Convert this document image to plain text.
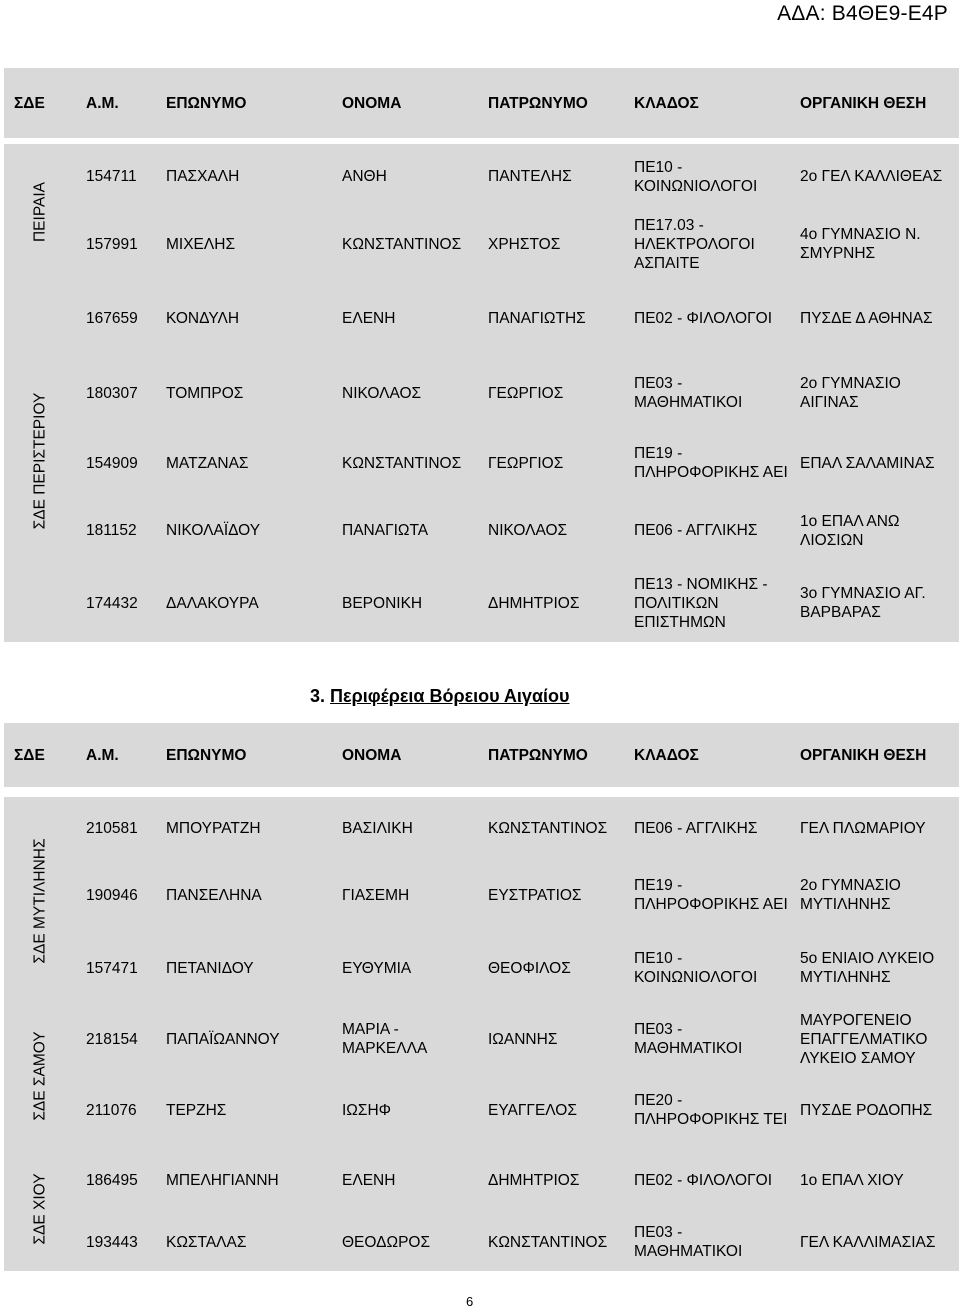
ΑΔΑ: Β4ΘΕ9-Ε4Ρ
ΣΔΕ	Α.Μ.	ΕΠΩΝΥΜΟ	ΟΝΟΜΑ	ΠΑΤΡΩΝΥΜΟ	ΚΛΑΔΟΣ	ΟΡΓΑΝΙΚΗ ΘΕΣΗ

ΠΕΙΡΑΙΑ	154711	ΠΑΣΧΑΛΗ	ΑΝΘΗ	ΠΑΝΤΕΛΗΣ	ΠΕ10 - ΚΟΙΝΩΝΙΟΛΟΓΟΙ	2ο ΓΕΛ ΚΑΛΛΙΘΕΑΣ
	157991	ΜΙΧΕΛΗΣ	ΚΩΝΣΤΑΝΤΙΝΟΣ	ΧΡΗΣΤΟΣ	ΠΕ17.03 - ΗΛΕΚΤΡΟΛΟΓΟΙ ΑΣΠΑΙΤΕ	4ο ΓΥΜΝΑΣΙΟ Ν. ΣΜΥΡΝΗΣ
	167659	ΚΟΝΔΥΛΗ	ΕΛΕΝΗ	ΠΑΝΑΓΙΩΤΗΣ	ΠΕ02 - ΦΙΛΟΛΟΓΟΙ	ΠΥΣΔΕ Δ ΑΘΗΝΑΣ

ΣΔΕ ΠΕΡΙΣΤΕΡΙΟΥ	180307	ΤΟΜΠΡΟΣ	ΝΙΚΟΛΑΟΣ	ΓΕΩΡΓΙΟΣ	ΠΕ03 - ΜΑΘΗΜΑΤΙΚΟΙ	2ο ΓΥΜΝΑΣΙΟ ΑΙΓΙΝΑΣ
	154909	ΜΑΤΖΑΝΑΣ	ΚΩΝΣΤΑΝΤΙΝΟΣ	ΓΕΩΡΓΙΟΣ	ΠΕ19 - ΠΛΗΡΟΦΟΡΙΚΗΣ ΑΕΙ	ΕΠΑΛ ΣΑΛΑΜΙΝΑΣ
	181152	ΝΙΚΟΛΑΪΔΟΥ	ΠΑΝΑΓΙΩΤΑ	ΝΙΚΟΛΑΟΣ	ΠΕ06 - ΑΓΓΛΙΚΗΣ	1ο ΕΠΑΛ ΑΝΩ ΛΙΟΣΙΩΝ
	174432	ΔΑΛΑΚΟΥΡΑ	ΒΕΡΟΝΙΚΗ	ΔΗΜΗΤΡΙΟΣ	ΠΕ13 - ΝΟΜΙΚΗΣ - ΠΟΛΙΤΙΚΩΝ ΕΠΙΣΤΗΜΩΝ	3ο ΓΥΜΝΑΣΙΟ ΑΓ. ΒΑΡΒΑΡΑΣ
3. Περιφέρεια Βόρειου Αιγαίου
ΣΔΕ	Α.Μ.	ΕΠΩΝΥΜΟ	ΟΝΟΜΑ	ΠΑΤΡΩΝΥΜΟ	ΚΛΑΔΟΣ	ΟΡΓΑΝΙΚΗ ΘΕΣΗ

ΣΔΕ ΜΥΤΙΛΗΝΗΣ	210581	ΜΠΟΥΡΑΤΖΗ	ΒΑΣΙΛΙΚΗ	ΚΩΝΣΤΑΝΤΙΝΟΣ	ΠΕ06 - ΑΓΓΛΙΚΗΣ	ΓΕΛ ΠΛΩΜΑΡΙΟΥ
	190946	ΠΑΝΣΕΛΗΝΑ	ΓΙΑΣΕΜΗ	ΕΥΣΤΡΑΤΙΟΣ	ΠΕ19 - ΠΛΗΡΟΦΟΡΙΚΗΣ ΑΕΙ	2ο ΓΥΜΝΑΣΙΟ ΜΥΤΙΛΗΝΗΣ
	157471	ΠΕΤΑΝΙΔΟΥ	ΕΥΘΥΜΙΑ	ΘΕΟΦΙΛΟΣ	ΠΕ10 - ΚΟΙΝΩΝΙΟΛΟΓΟΙ	5ο ΕΝΙΑΙΟ ΛΥΚΕΙΟ ΜΥΤΙΛΗΝΗΣ

ΣΔΕ ΣΑΜΟΥ	218154	ΠΑΠΑΪΩΑΝΝΟΥ	ΜΑΡΙΑ - ΜΑΡΚΕΛΛΑ	ΙΩΑΝΝΗΣ	ΠΕ03 - ΜΑΘΗΜΑΤΙΚΟΙ	ΜΑΥΡΟΓΕΝΕΙΟ ΕΠΑΓΓΕΛΜΑΤΙΚΟ ΛΥΚΕΙΟ ΣΑΜΟΥ
	211076	ΤΕΡΖΗΣ	ΙΩΣΗΦ	ΕΥΑΓΓΕΛΟΣ	ΠΕ20 - ΠΛΗΡΟΦΟΡΙΚΗΣ ΤΕΙ	ΠΥΣΔΕ ΡΟΔΟΠΗΣ

ΣΔΕ ΧΙΟΥ	186495	ΜΠΕΛΗΓΙΑΝΝΗ	ΕΛΕΝΗ	ΔΗΜΗΤΡΙΟΣ	ΠΕ02 - ΦΙΛΟΛΟΓΟΙ	1ο ΕΠΑΛ ΧΙΟΥ
	193443	ΚΩΣΤΑΛΑΣ	ΘΕΟΔΩΡΟΣ	ΚΩΝΣΤΑΝΤΙΝΟΣ	ΠΕ03 - ΜΑΘΗΜΑΤΙΚΟΙ	ΓΕΛ ΚΑΛΛΙΜΑΣΙΑΣ
6
